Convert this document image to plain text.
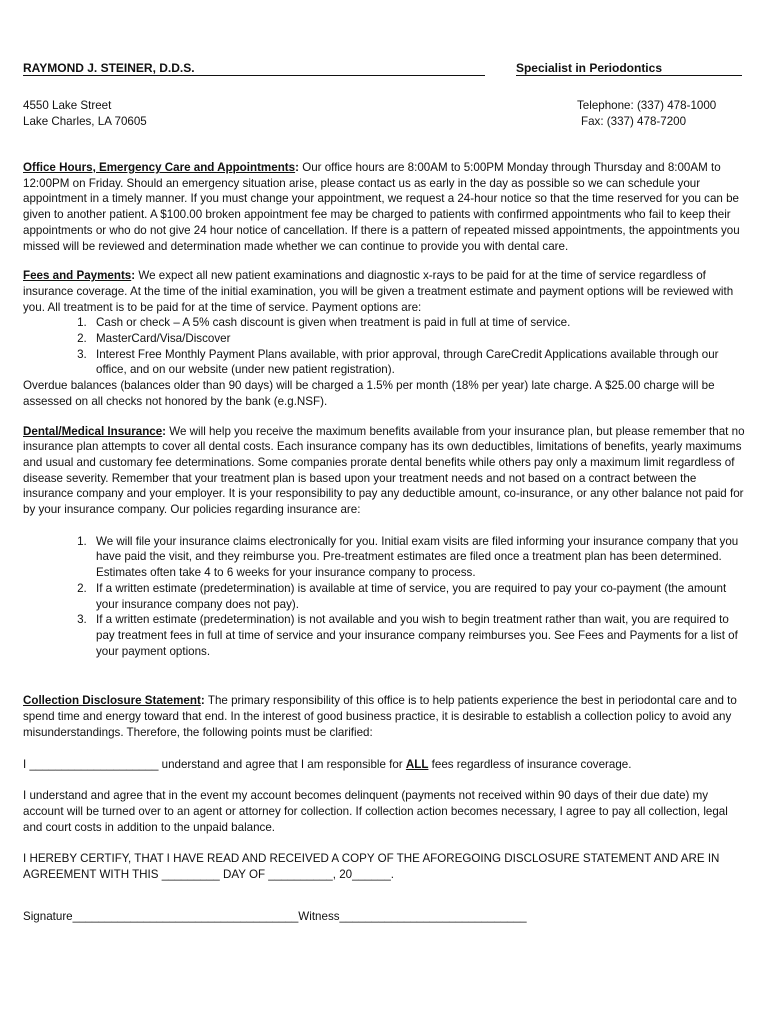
RAYMOND J. STEINER, D.D.S.	Specialist in Periodontics
4550 Lake Street
Lake Charles, LA 70605
Telephone: (337) 478-1000
Fax: (337) 478-7200

Office Hours, Emergency Care and Appointments: Our office hours are 8:00AM to 5:00PM Monday through Thursday and 8:00AM to 12:00PM on Friday. Should an emergency situation arise, please contact us as early in the day as possible so we can schedule your appointment in a timely manner. If you must change your appointment, we request a 24-hour notice so that the time reserved for you can be given to another patient. A $100.00 broken appointment fee may be charged to patients with confirmed appointments who fail to keep their appointments or who do not give 24 hour notice of cancellation. If there is a pattern of repeated missed appointments, the appointments you missed will be reviewed and determination made whether we can continue to provide you with dental care.

Fees and Payments: We expect all new patient examinations and diagnostic x-rays to be paid for at the time of service regardless of insurance coverage. At the time of the initial examination, you will be given a treatment estimate and payment options will be reviewed with you. All treatment is to be paid for at the time of service. Payment options are:

1. Cash or check – A 5% cash discount is given when treatment is paid in full at time of service.
2. MasterCard/Visa/Discover
3. Interest Free Monthly Payment Plans available, with prior approval, through CareCredit Applications available through our office, and on our website (under new patient registration).

Overdue balances (balances older than 90 days) will be charged a 1.5% per month (18% per year) late charge. A $25.00 charge will be assessed on all checks not honored by the bank (e.g.NSF).

Dental/Medical Insurance: We will help you receive the maximum benefits available from your insurance plan, but please remember that no insurance plan attempts to cover all dental costs. Each insurance company has its own deductibles, limitations of benefits, yearly maximums and usual and customary fee determinations. Some companies prorate dental benefits while others pay only a maximum limit regardless of disease severity. Remember that your treatment plan is based upon your treatment needs and not based on a contract between the insurance company and your employer. It is your responsibility to pay any deductible amount, co-insurance, or any other balance not paid for by your insurance company. Our policies regarding insurance are:

1. We will file your insurance claims electronically for you. Initial exam visits are filed informing your insurance company that you have paid the visit, and they reimburse you. Pre-treatment estimates are filed once a treatment plan has been determined. Estimates often take 4 to 6 weeks for your insurance company to process.
2. If a written estimate (predetermination) is available at time of service, you are required to pay your co-payment (the amount your insurance company does not pay).
3. If a written estimate (predetermination) is not available and you wish to begin treatment rather than wait, you are required to pay treatment fees in full at time of service and your insurance company reimburses you. See Fees and Payments for a list of your payment options.

Collection Disclosure Statement: The primary responsibility of this office is to help patients experience the best in periodontal care and to spend time and energy toward that end. In the interest of good business practice, it is desirable to establish a collection policy to avoid any misunderstandings. Therefore, the following points must be clarified:

I ____________________ understand and agree that I am responsible for ALL fees regardless of insurance coverage.

I understand and agree that in the event my account becomes delinquent (payments not received within 90 days of their due date) my account will be turned over to an agent or attorney for collection. If collection action becomes necessary, I agree to pay all collection, legal and court costs in addition to the unpaid balance.

I HEREBY CERTIFY, THAT I HAVE READ AND RECEIVED A COPY OF THE AFOREGOING DISCLOSURE STATEMENT AND ARE IN AGREEMENT WITH THIS _________ DAY OF __________, 20______.

Signature___________________________________Witness_____________________________
